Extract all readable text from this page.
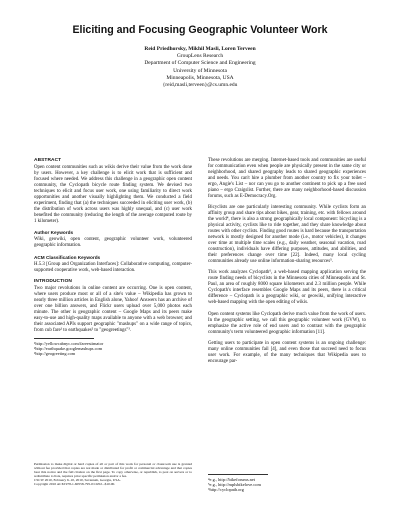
Eliciting and Focusing Geographic Volunteer Work
Reid Priedhorsky, Mikhil Masli, Loren Terveen
GroupLens Research
Department of Computer Science and Engineering
University of Minnesota
Minneapolis, Minnesota, USA
{reid,masli,terveen}@cs.umn.edu
ABSTRACT

Open content communities such as wikis derive their value from the work done by users. However, a key challenge is to elicit work that is sufficient and focused where needed. We address this challenge in a geographic open content community, the Cyclopath bicycle route finding system. We devised two techniques to elicit and focus user work, one using familiarity to direct work opportunities and another visually highlighting them. We conducted a field experiment, finding that (a) the techniques succeeded in eliciting user work, (b) the distribution of work across users was highly unequal, and (c) user work benefited the community (reducing the length of the average computed route by 1 kilometer).

Author Keywords

Wiki, geowiki, open content, geographic volunteer work, volunteered geographic information.

ACM Classification Keywords

H.5.3 [Group and Organization Interfaces]: Collaborative computing, computer-supported cooperative work, web-based interaction.

INTRODUCTION

Two major revolutions in online content are occurring. One is open content, where users produce most or all of a site's value – Wikipedia has grown to nearly three million articles in English alone, Yahoo! Answers has an archive of over one billion answers, and Flickr users upload over 5,000 photos each minute. The other is geographic content – Google Maps and its peers make easy-to-use and high-quality maps available to anyone with a web browser; and their associated APIs support geographic "mashups" on a wide range of topics, from cub fare¹ to earthquakes² to "geogreetings"³.

¹http://yellowcabnyc.com/fareestimator
²http://earthquake.googlemashups.com
³http://geogreeting.com
Permission to make digital or hard copies of all or part of this work for personal or classroom use is granted without fee provided that copies are not made or distributed for profit or commercial advantage and that copies bear this notice and the full citation on the first page. To copy otherwise, or republish, to post on servers or to redistribute to lists, requires prior specific permission and/or a fee.
CSCW 2010, February 6–10, 2010, Savannah, Georgia, USA.
Copyright 2010 ACM 978-1-60558-795-0/10/02...$10.00.

These revolutions are merging. Internet-based tools and communities are useful for communication even when people are physically present in the same city or neighborhood, and shared geography leads to shared geographic experiences and needs. You can't hire a plumber from another country to fix your toilet – ergo, Angie's List – nor can you go to another continent to pick up a free used piano – ergo Craigslist. Further, there are many neighborhood-based discussion forums, such as E-Democracy.Org.

Bicyclists are one particularly interesting community. While cyclists form an affinity group and share tips about bikes, gear, training, etc. with fellows around the world⁴, there is also a strong geographically local component: bicycling is a physical activity, cyclists like to ride together, and they share knowledge about routes with other cyclists. Finding good routes is hard because the transportation network is mostly designed for another mode (i.e., motor vehicles), it changes over time at multiple time scales (e.g., daily weather, seasonal vacation, road construction), individuals have differing purposes, attitudes, and abilities, and their preferences change over time [22]. Indeed, many local cycling communities already use online information-sharing resources⁵.

This work analyzes Cyclopath⁶, a web-based mapping application serving the route finding needs of bicyclists in the Minnesota cities of Minneapolis and St. Paul, an area of roughly 8000 square kilometers and 2.3 million people. While Cyclopath's interface resembles Google Maps and its peers, there is a critical difference – Cyclopath is a geographic wiki, or geowiki, unifying interactive web-based mapping with the open editing of wikis.

Open content systems like Cyclopath derive much value from the work of users. In the geographic setting, we call this geographic volunteer work (GVW), to emphasize the active role of end users and to contrast with the geographic community's term volunteered geographic information [11].

Getting users to participate in open content systems is an ongoing challenge: many online communities fail [4], and even those that succeed need to focus user work. For example, of the many techniques that Wikipedia uses to encourage par-

⁴e.g., http://bikeforums.net
⁵e.g., http://mplsbikelove.com
⁶http://cyclopath.org
